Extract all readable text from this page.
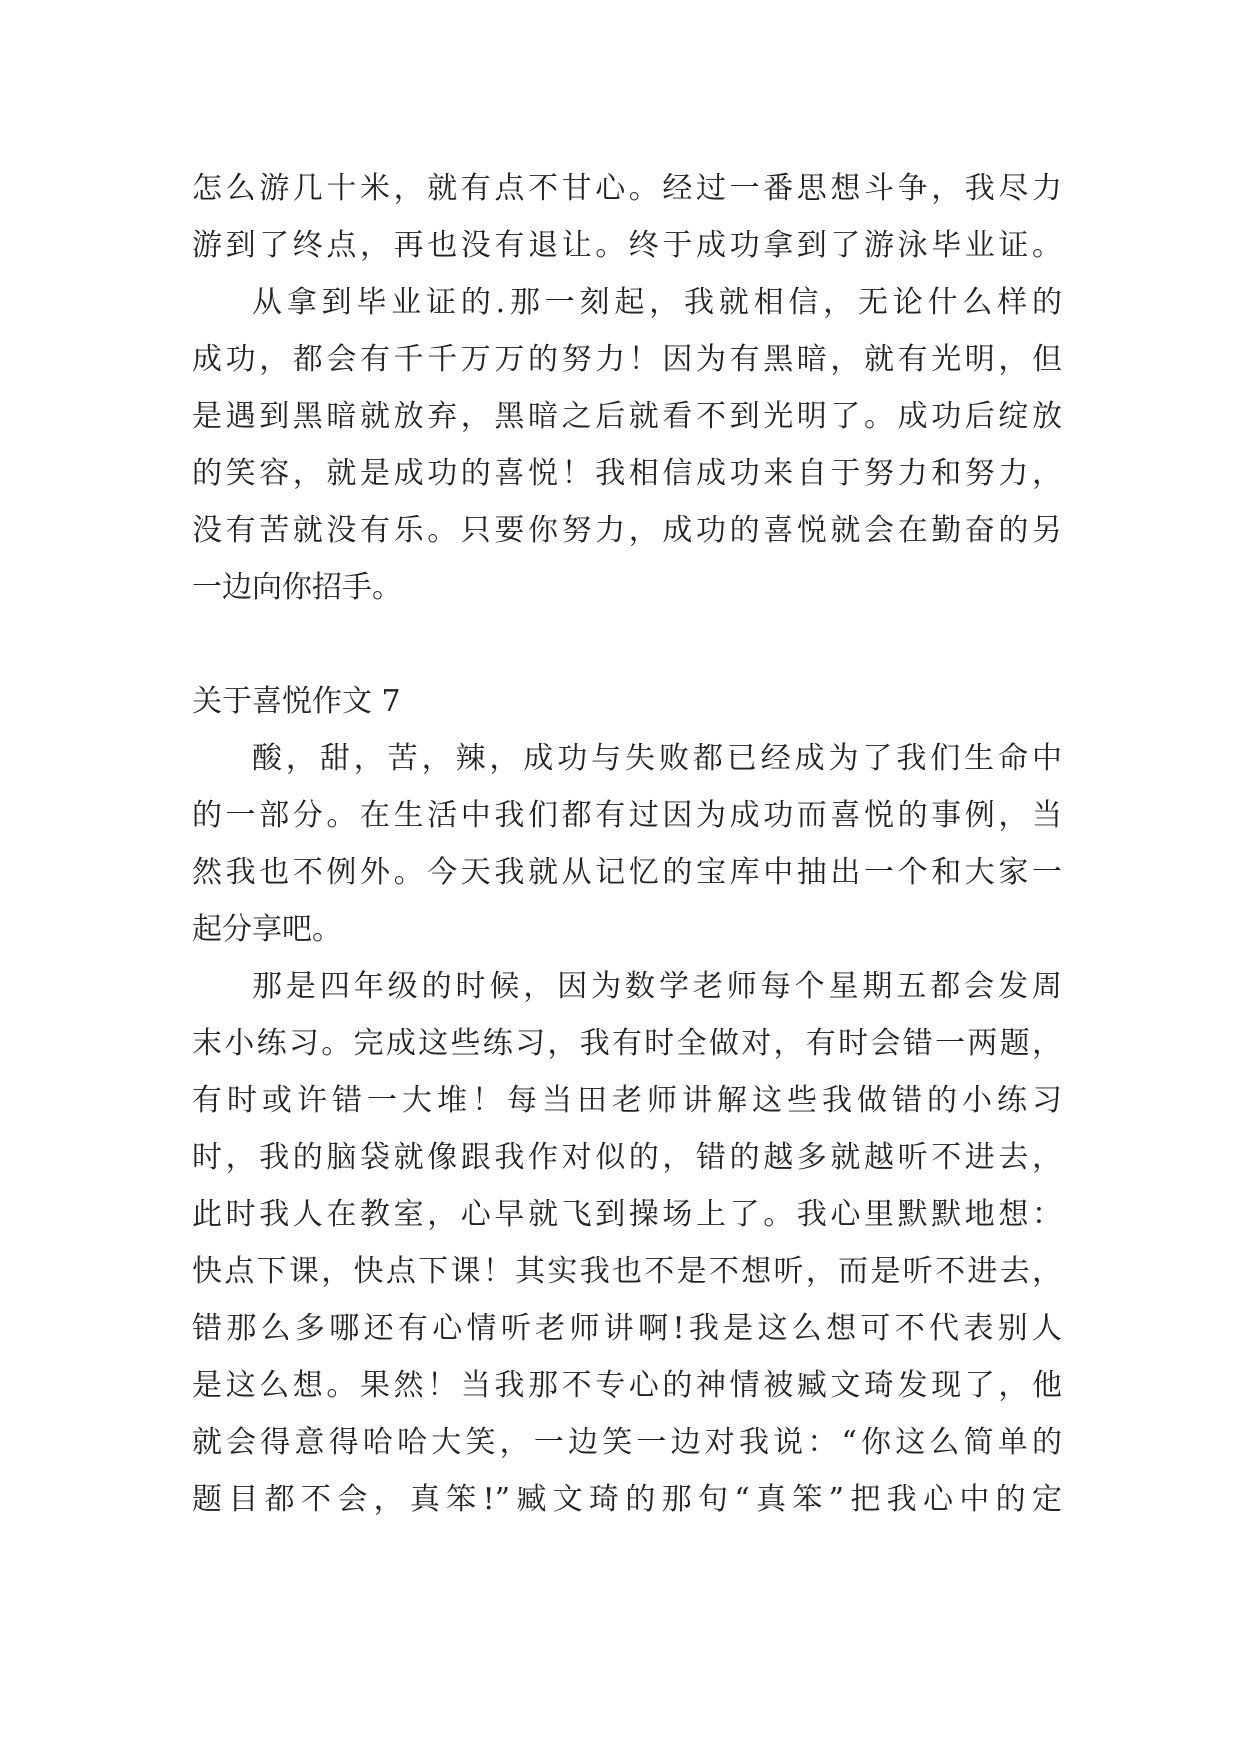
怎么游几十米，就有点不甘心。经过一番思想斗争，我尽力
游到了终点，再也没有退让。终于成功拿到了游泳毕业证。
从拿到毕业证的.那一刻起，我就相信，无论什么样的
成功，都会有千千万万的努力！因为有黑暗，就有光明，但
是遇到黑暗就放弃，黑暗之后就看不到光明了。成功后绽放
的笑容，就是成功的喜悦！我相信成功来自于努力和努力，
没有苦就没有乐。只要你努力，成功的喜悦就会在勤奋的另
一边向你招手。
关于喜悦作文 7
酸，甜，苦，辣，成功与失败都已经成为了我们生命中
的一部分。在生活中我们都有过因为成功而喜悦的事例，当
然我也不例外。今天我就从记忆的宝库中抽出一个和大家一
起分享吧。
那是四年级的时候，因为数学老师每个星期五都会发周
末小练习。完成这些练习，我有时全做对，有时会错一两题，
有时或许错一大堆！每当田老师讲解这些我做错的小练习
时，我的脑袋就像跟我作对似的，错的越多就越听不进去，
此时我人在教室，心早就飞到操场上了。我心里默默地想：
快点下课，快点下课！其实我也不是不想听，而是听不进去，
错那么多哪还有心情听老师讲啊!我是这么想可不代表别人
是这么想。果然！当我那不专心的神情被臧文琦发现了，他
就会得意得哈哈大笑，一边笑一边对我说：“你这么简单的
题目都不会，真笨!”臧文琦的那句“真笨”把我心中的定
